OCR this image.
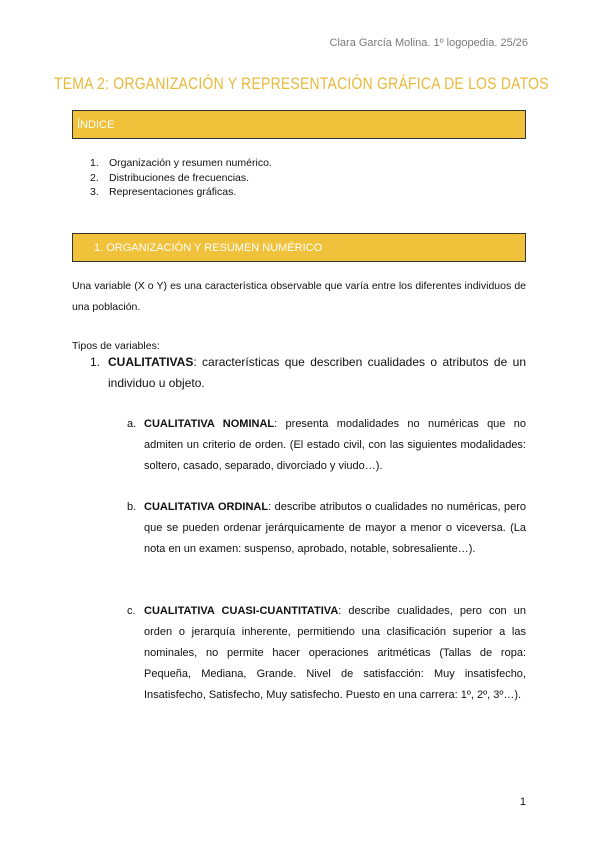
Clara García Molina. 1º logopedia. 25/26
TEMA 2: ORGANIZACIÓN Y REPRESENTACIÓN GRÁFICA DE LOS DATOS
ÍNDICE
1. Organización y resumen numérico.
2. Distribuciones de frecuencias.
3. Representaciones gráficas.
1. ORGANIZACIÓN Y RESUMEN NUMÉRICO
Una variable (X o Y) es una característica observable que varía entre los diferentes individuos de una población.
Tipos de variables:
1. CUALITATIVAS: características que describen cualidades o atributos de un individuo u objeto.
a. CUALITATIVA NOMINAL: presenta modalidades no numéricas que no admiten un criterio de orden. (El estado civil, con las siguientes modalidades: soltero, casado, separado, divorciado y viudo…).
b. CUALITATIVA ORDINAL: describe atributos o cualidades no numéricas, pero que se pueden ordenar jerárquicamente de mayor a menor o viceversa. (La nota en un examen: suspenso, aprobado, notable, sobresaliente…).
c. CUALITATIVA CUASI-CUANTITATIVA: describe cualidades, pero con un orden o jerarquía inherente, permitiendo una clasificación superior a las nominales, no permite hacer operaciones aritméticas (Tallas de ropa: Pequeña, Mediana, Grande. Nivel de satisfacción: Muy insatisfecho, Insatisfecho, Satisfecho, Muy satisfecho. Puesto en una carrera: 1º, 2º, 3º…).
1
